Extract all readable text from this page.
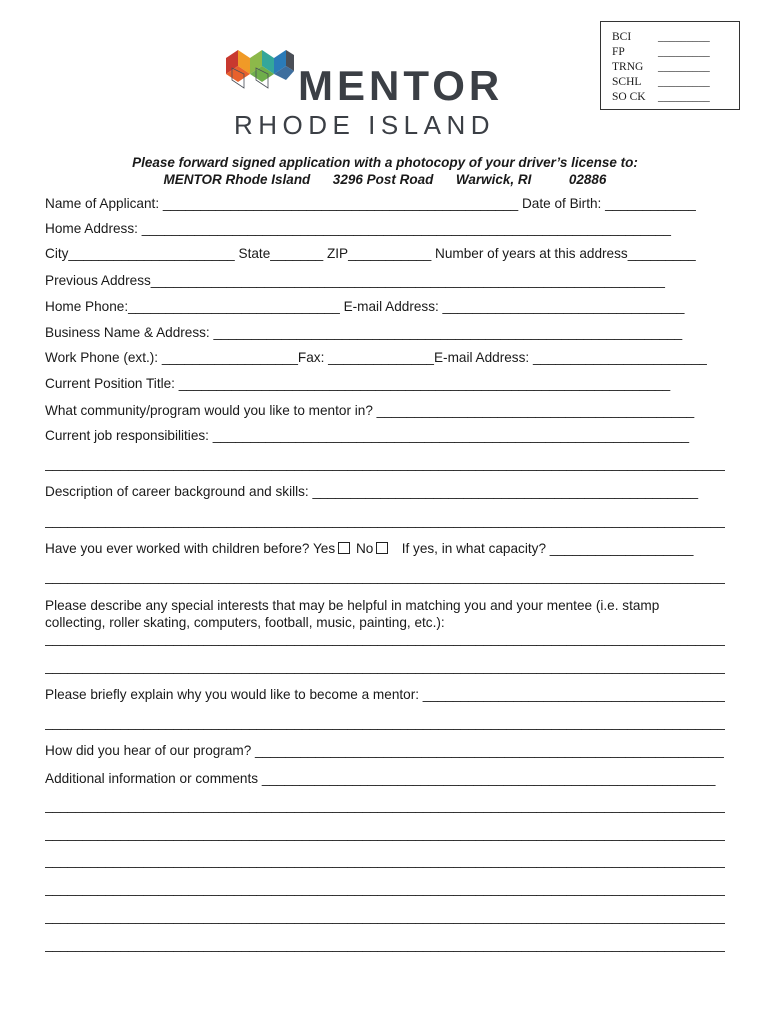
MENTOR
RHODE ISLAND
BCI _________
FP	_________
TRNG _________
SCHL _________
SO CK _________
Please forward signed application with a photocopy of your driver’s license to:
MENTOR Rhode Island      3296 Post Road      Warwick, RI          02886
Name of Applicant: _______________________________________________ Date of Birth: ____________
Home Address: ______________________________________________________________________
City______________________ State_______ ZIP___________ Number of years at this address_________
Previous Address____________________________________________________________________
Home Phone:____________________________ E-mail Address: ________________________________
Business Name & Address: ______________________________________________________________
Work Phone (ext.): __________________Fax: ______________E-mail Address: _______________________
Current Position Title: _________________________________________________________________
What community/program would you like to mentor in? __________________________________________
Current job responsibilities: _______________________________________________________________
__________________________________________________________________________________________
Description of career background and skills: ___________________________________________________
__________________________________________________________________________________________
Have you ever worked with children before? Yes No If yes, in what capacity? ___________________
__________________________________________________________________________________________
Please describe any special interests that may be helpful in matching you and your mentee (i.e. stamp
collecting, roller skating, computers, football, music, painting, etc.):
__________________________________________________________________________________________
__________________________________________________________________________________________
Please briefly explain why you would like to become a mentor: ________________________________________
__________________________________________________________________________________________
How did you hear of our program? ______________________________________________________________
Additional information or comments ____________________________________________________________
__________________________________________________________________________________________
__________________________________________________________________________________________
__________________________________________________________________________________________
__________________________________________________________________________________________
__________________________________________________________________________________________
__________________________________________________________________________________________
